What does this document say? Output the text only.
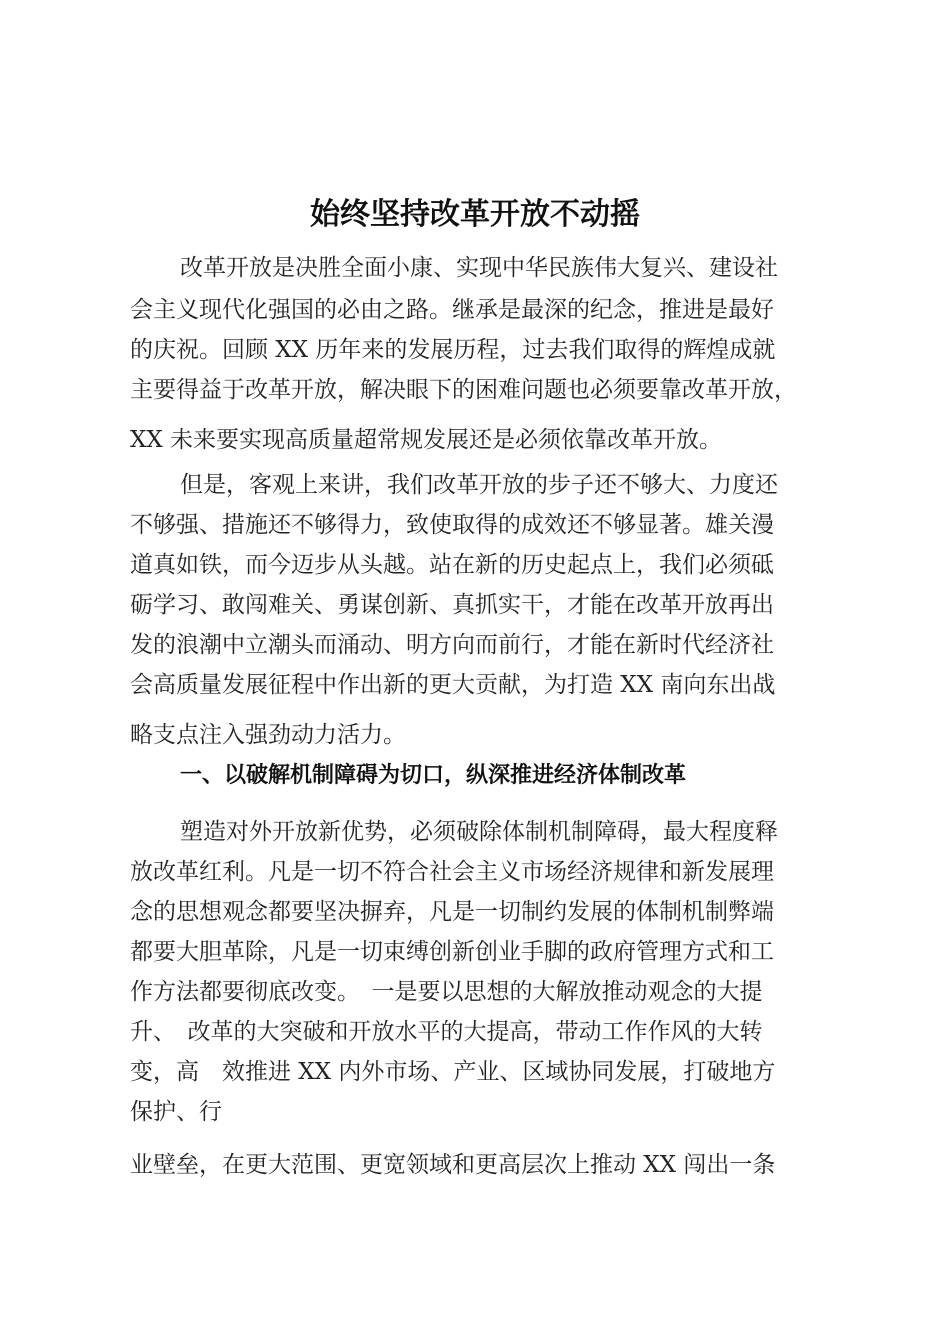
始终坚持改革开放不动摇
改革开放是决胜全面小康、实现中华民族伟大复兴、建设社
会主义现代化强国的必由之路。继承是最深的纪念，推进是最好
的庆祝。回顾 XX 历年来的发展历程，过去我们取得的辉煌成就
主要得益于改革开放，解决眼下的困难问题也必须要靠改革开放，
XX 未来要实现高质量超常规发展还是必须依靠改革开放。
但是，客观上来讲，我们改革开放的步子还不够大、力度还
不够强、措施还不够得力，致使取得的成效还不够显著。雄关漫
道真如铁，而今迈步从头越。站在新的历史起点上，我们必须砥
砺学习、敢闯难关、勇谋创新、真抓实干，才能在改革开放再出
发的浪潮中立潮头而涌动、明方向而前行，才能在新时代经济社
会高质量发展征程中作出新的更大贡献，为打造 XX 南向东出战
略支点注入强劲动力活力。
一、以破解机制障碍为切口，纵深推进经济体制改革
塑造对外开放新优势，必须破除体制机制障碍，最大程度释
放改革红利。凡是一切不符合社会主义市场经济规律和新发展理
念的思想观念都要坚决摒弃，凡是一切制约发展的体制机制弊端
都要大胆革除，凡是一切束缚创新创业手脚的政府管理方式和工
作方法都要彻底改变。　一是要以思想的大解放推动观念的大提
升、　改革的大突破和开放水平的大提高，带动工作作风的大转
变，高　效推进 XX 内外市场、产业、区域协同发展，打破地方
保护、行
业壁垒，在更大范围、更宽领域和更高层次上推动 XX 闯出一条
